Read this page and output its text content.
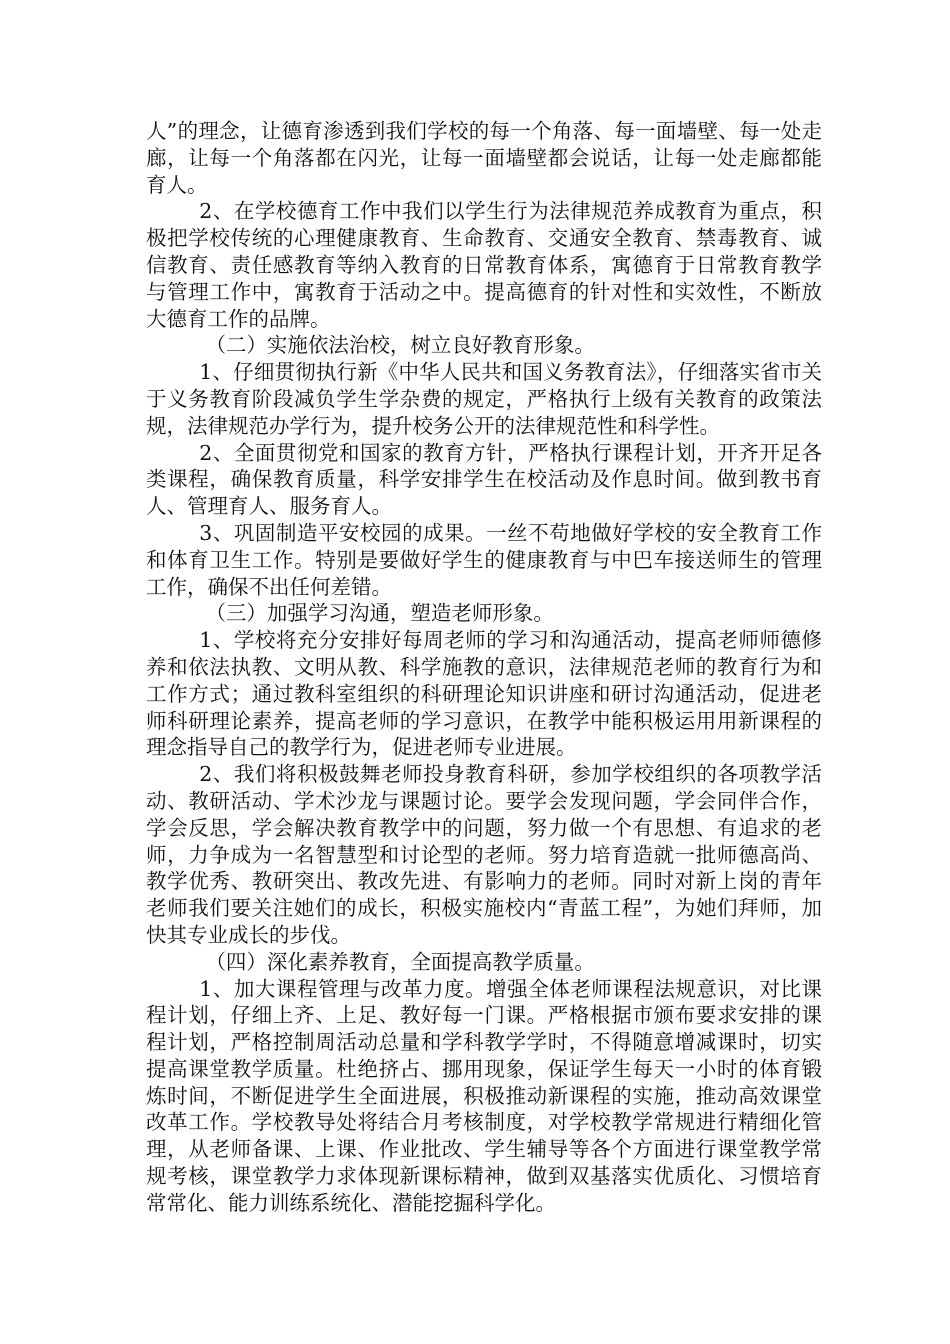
人”的理念，让德育渗透到我们学校的每一个角落、每一面墙壁、每一处走廊，让每一个角落都在闪光，让每一面墙壁都会说话，让每一处走廊都能育人。

2、在学校德育工作中我们以学生行为法律规范养成教育为重点，积极把学校传统的心理健康教育、生命教育、交通安全教育、禁毒教育、诚信教育、责任感教育等纳入教育的日常教育体系，寓德育于日常教育教学与管理工作中，寓教育于活动之中。提高德育的针对性和实效性，不断放大德育工作的品牌。

（二）实施依法治校，树立良好教育形象。

1、仔细贯彻执行新《中华人民共和国义务教育法》，仔细落实省市关于义务教育阶段减负学生学杂费的规定，严格执行上级有关教育的政策法规，法律规范办学行为，提升校务公开的法律规范性和科学性。

2、全面贯彻党和国家的教育方针，严格执行课程计划，开齐开足各类课程，确保教育质量，科学安排学生在校活动及作息时间。做到教书育人、管理育人、服务育人。

3、巩固制造平安校园的成果。一丝不苟地做好学校的安全教育工作和体育卫生工作。特别是要做好学生的健康教育与中巴车接送师生的管理工作，确保不出任何差错。

（三）加强学习沟通，塑造老师形象。

1、学校将充分安排好每周老师的学习和沟通活动，提高老师师德修养和依法执教、文明从教、科学施教的意识，法律规范老师的教育行为和工作方式；通过教科室组织的科研理论知识讲座和研讨沟通活动，促进老师科研理论素养，提高老师的学习意识，在教学中能积极运用用新课程的理念指导自己的教学行为，促进老师专业进展。

2、我们将积极鼓舞老师投身教育科研，参加学校组织的各项教学活动、教研活动、学术沙龙与课题讨论。要学会发现问题，学会同伴合作，学会反思，学会解决教育教学中的问题，努力做一个有思想、有追求的老师，力争成为一名智慧型和讨论型的老师。努力培育造就一批师德高尚、教学优秀、教研突出、教改先进、有影响力的老师。同时对新上岗的青年老师我们要关注她们的成长，积极实施校内“青蓝工程”，为她们拜师，加快其专业成长的步伐。

（四）深化素养教育，全面提高教学质量。

1、加大课程管理与改革力度。增强全体老师课程法规意识，对比课程计划，仔细上齐、上足、教好每一门课。严格根据市颁布要求安排的课程计划，严格控制周活动总量和学科教学学时，不得随意增减课时，切实提高课堂教学质量。杜绝挤占、挪用现象，保证学生每天一小时的体育锻炼时间，不断促进学生全面进展，积极推动新课程的实施，推动高效课堂改革工作。学校教导处将结合月考核制度，对学校教学常规进行精细化管理，从老师备课、上课、作业批改、学生辅导等各个方面进行课堂教学常规考核，课堂教学力求体现新课标精神，做到双基落实优质化、习惯培育常常化、能力训练系统化、潜能挖掘科学化。
